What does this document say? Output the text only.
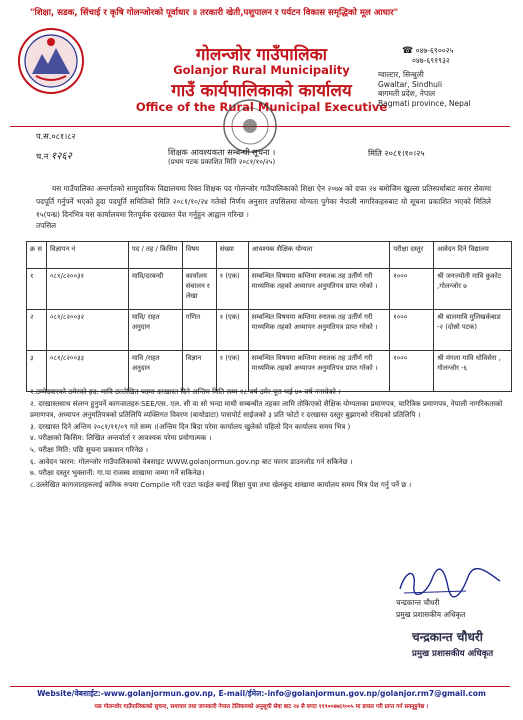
"शिक्षा, सडक, सिंचाई र कृषि गोलन्जोरको पूर्वाधार ॥ तरकारी खेती,पशुपालन र पर्यटन विकास समृद्धिको मूल आधार"
गोलन्जोर गाउँपालिका
Golanjor Rural Municipality
गाउँ कार्यपालिकाको कार्यालय
Office of the Rural Municipal Executive
☎ ०४७-६९००२५
०४७-६९१९३२
ग्वाल्टार, सिन्धुली
Gwaltar, Sindhuli
बागमती प्रदेश, नेपाल
Bagmati province, Nepal
प.स.०८१।८२
च.न १२६२	शिक्षक आवश्यकता सम्बन्धी सूचना ।
(प्रथम पटक प्रकाशित मिति २०८१/१०/२५)
मिति २०८१।१०।२५
यस गाउँपालिका अन्तर्गतको सामुदायिक विद्यालयमा रिक्त शिक्षक पद गोलन्जोर गाउँपालिकाको शिक्षा ऐन २०७४ को दफा २४ बमोजिम खुल्ला प्रतिस्पर्धाबाट करार सेवामा पदपूर्ति गर्नुपर्ने भएको हुदा पदपूर्ति समितिको मिति २०८१/१०/२४ गतेको निर्णय अनुसार तपसिलमा योग्यता पुगेका नेपाली नागरिकहरुबाट यो सूचना प्रकाशित भएको मितिले १५(पन्ध्र) दिनभित्र यस कार्यालयमा रितपूर्वक दरखास्त पेश गर्नुहुन आह्वान गरिन्छ ।
तपसिल
क्र स	विज्ञापन नं	पद / तह / किसिम	विषय	संख्या	आवश्यक शैक्षिक योग्यता	परीक्षा दस्तुर	आवेदन दिने विद्यालय
१	०८१/८२००३१	मावि/दरबन्दी	कार्यालय संचालन र लेखा	१ (एक)	सम्बन्धित विषयमा कम्तिमा स्नातक तह उर्तीर्ण गरी माध्यमिक तहको अध्यापन अनुमतिपत्र प्राप्त गरेको ।	१०००	श्री जनज्योती मावि कुकोट ,गोलन्जोर ७
२	०८१/८२००३२	मावि/ राहत अनुदान	गणित	१ (एक)	सम्बन्धित विषयमा कम्तिमा स्नातक तह उर्तीर्ण गरी माध्यमिक तहको अध्यापन अनुमतिपत्र प्राप्त गरेको ।	१०००	श्री बालमावि मुलिखर्कबाङ -२ (दोस्रो पटक)
३	०८१/८२००३३	मावि /राहत अनुदान	विज्ञान	१ (एक)	सम्बन्धित विषयमा कम्तिमा स्नातक तह उर्तीर्ण गरी माध्यमिक तहको अध्यापन अनुमतिपत्र प्राप्त गरेको ।	१०००	श्री मंगला मावि धोविसेरा , गोलन्जोर -६
१.उम्मेदवारको उमेरको हद: मावि उल्लेखित पदमा दरखास्त दिने अन्तिम मिति सम्म १८ वर्ष उमेर पूरा भई ४० वर्ष ननाघेको ।
२. दरखास्तसाथ संलग्न हुनुपर्ने कागजातहरु:SEE/एस. एल. सी वा सो भन्दा माथी सम्बन्धीत तहका लामि तोकिएको शैक्षिक योग्यताका प्रमाणपत्र, चारित्रिक प्रमाणपत्र, नेपाली नागरिकताको प्रमाणपत्र, अध्यापन अनुमतिपत्रको प्रतिलिपि व्यक्तिगत विवरण (बायोडाटा) पासपोर्ट साईजको ३ प्रति फोटो र दरखास्त दस्तुर बुझाएको रसिदको प्रतिलिपि ।
३. दरखास्त दिने अन्तिम २०८१/११/०९ गते सम्म ।(अन्तिम दिन बिदा परेमा कार्यालय खुलेको पहिलो दिन कार्यालय समय भित्र )
४. परीक्षाको किसिम: लिखित अन्तर्वार्ता र आवश्यक परेमा प्रयोगात्मक ।
५. परीक्षा मिति: पछि सुचना प्रकाशन गरिनेछ ।
६. आवेदन फारम: गोलन्जोर गाउँपालिकाको वेबसाइट WWW.golanjormun.gov.np बाट फारम डाउनलोड गर्न सकिनेछ ।
७. परीक्षा दस्तुर भुक्तानी: गा.पा राजस्व शाखामा जम्मा गर्ने सकिनेछ।
८.उल्लेखित कागजातहरुलाई कमिक रुपमा Compile गरी एउटा फाईल बनाई शिक्षा युवा तथा खेलकुद शाखामा कार्यालय समय भित्र पेश गर्नु पर्ने छ ।
चन्द्रकान्त चौधरी
प्रमुख प्रशासकीय अधिकृत
चन्द्रकान्त चौधरी
प्रमुख प्रशासकीय अधिकृत
Website/वेबसाईट:-www.golanjormun.gov.np, E-mail/ईमेल:-info@golanjormun.gov.np/golanjor.rm7@gmail.com
यस गोलन्जोर गाउँपालिकाको सुचना, समाचार तथा जानकारी नेपाल टेलिकमको अनुसूची सेवा बाट २४ सै घण्टा ११९००४७६९००५ मा डायल गरी प्राप्त गर्न सक्नुहुनेछ ।
